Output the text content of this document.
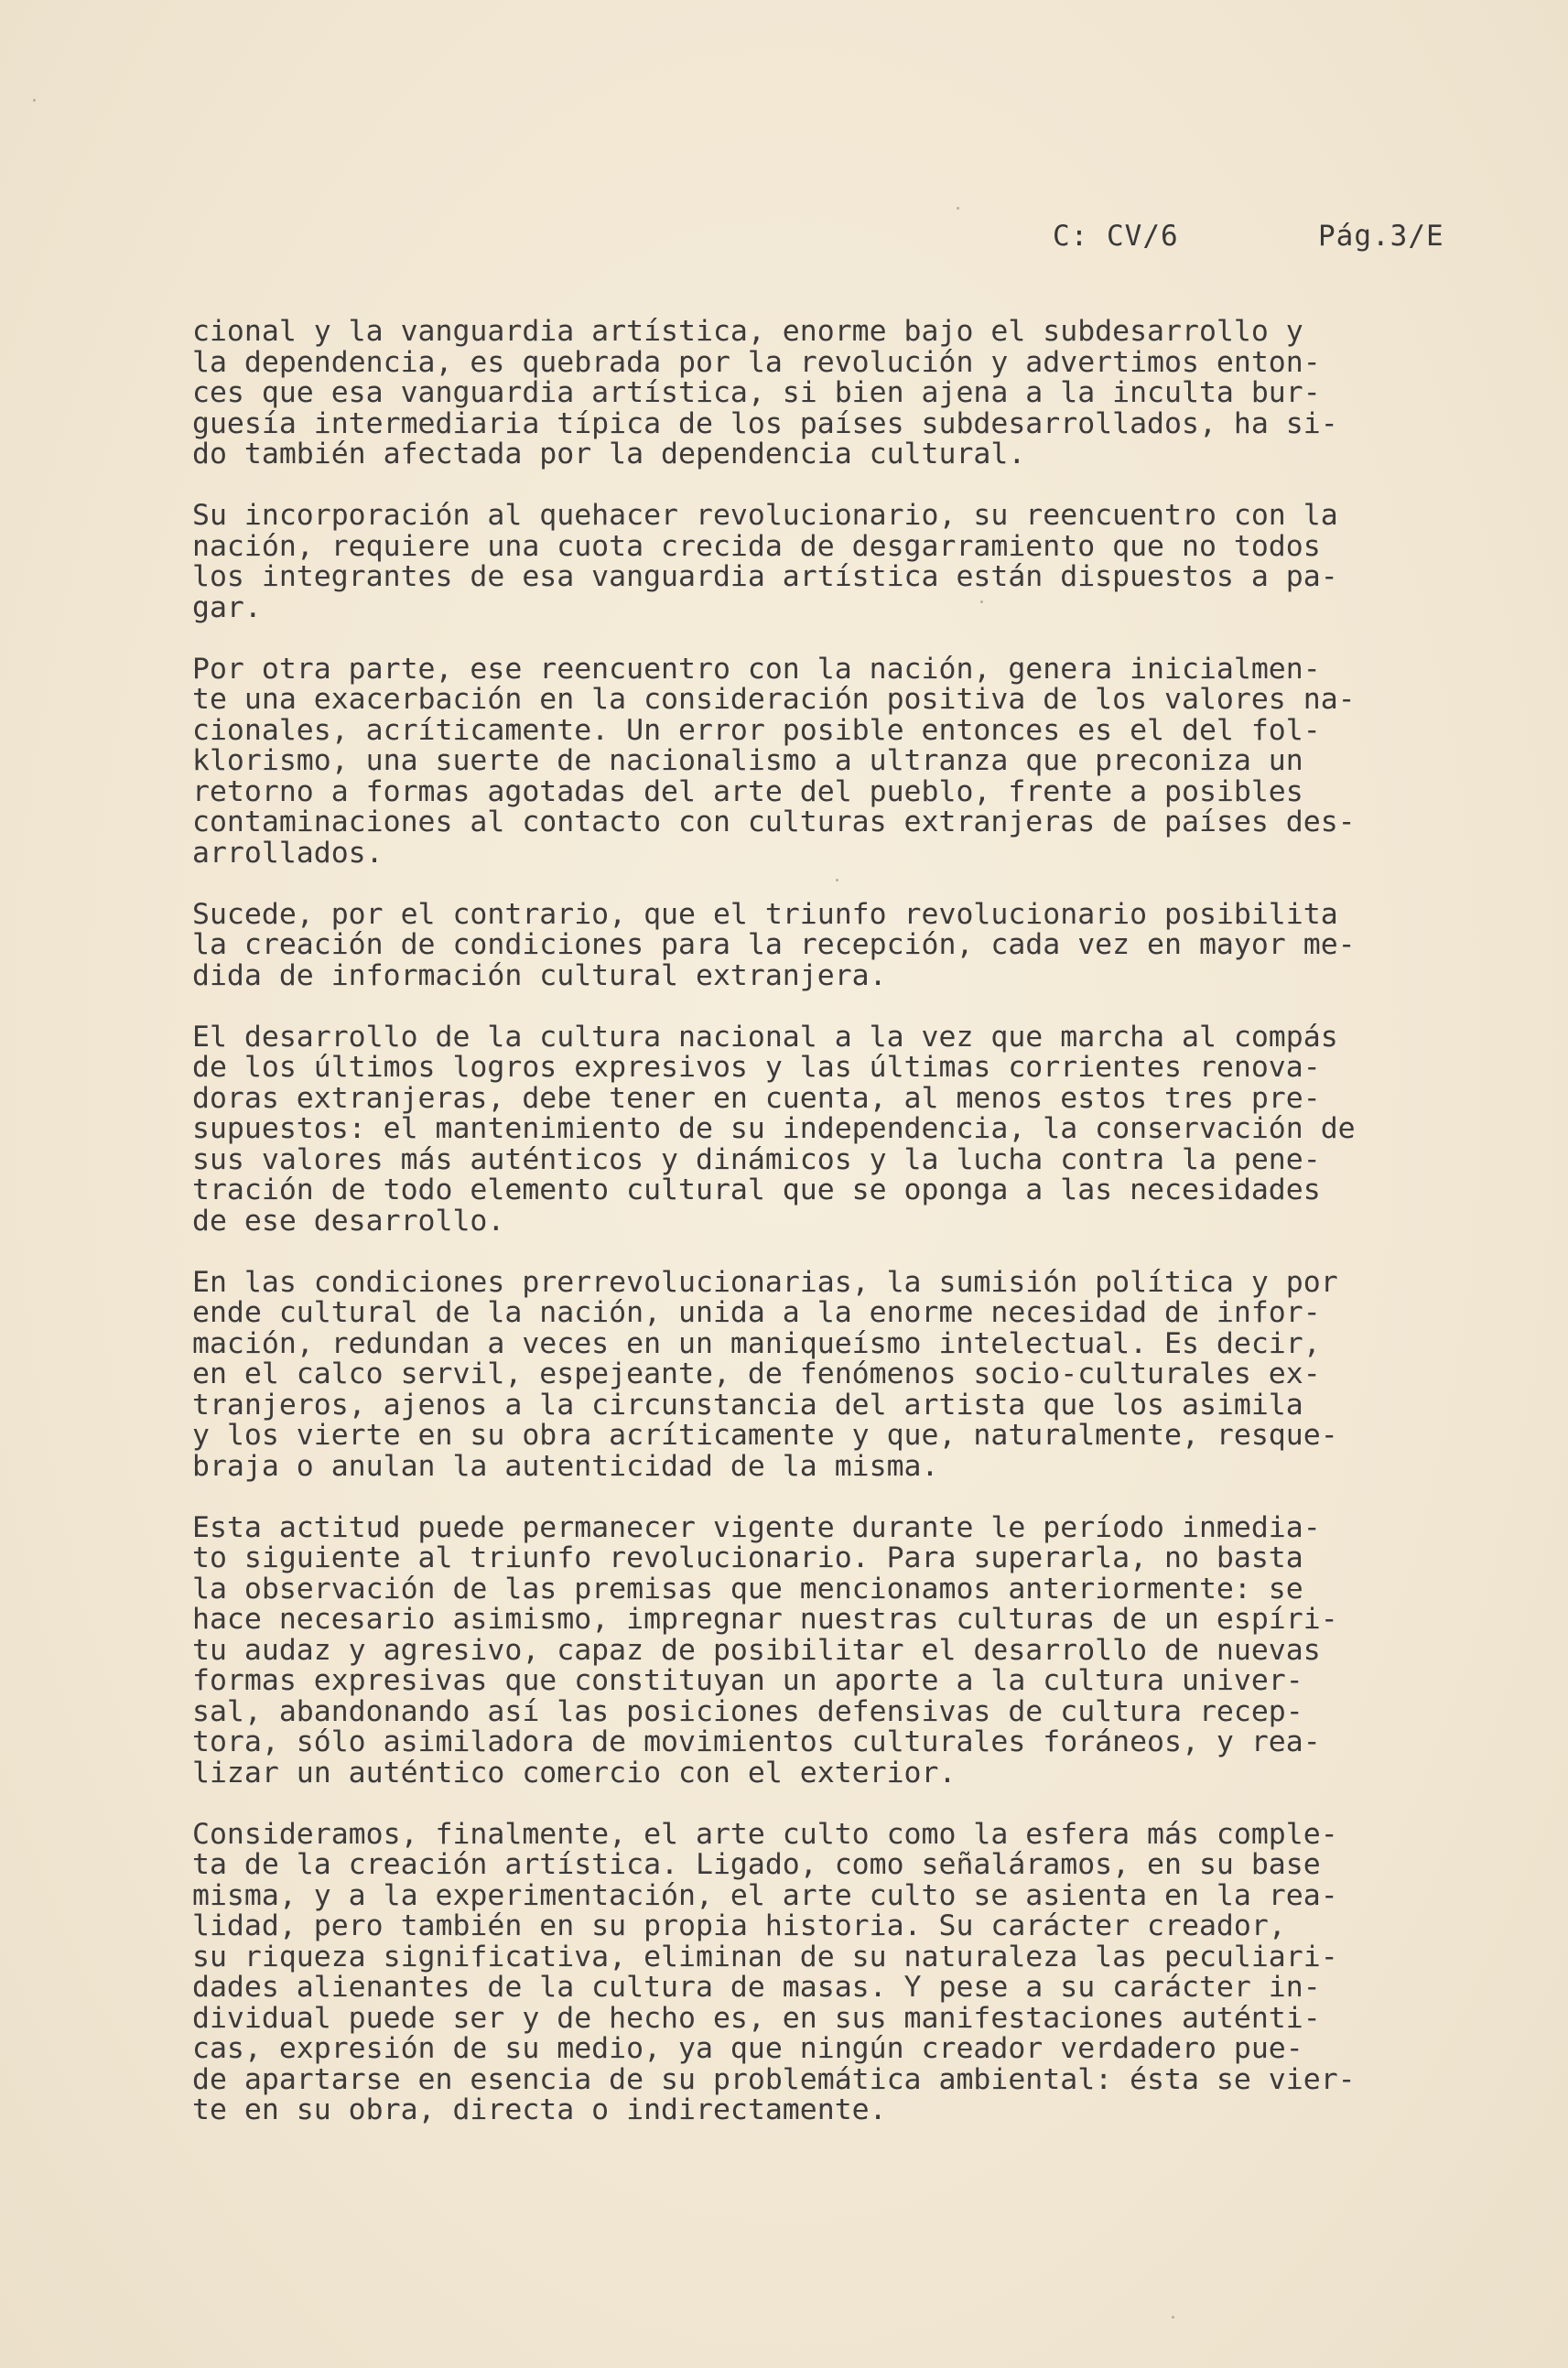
C: CV/6	Pág.3/E
cional y la vanguardia artística, enorme bajo el subdesarrollo y
la dependencia, es quebrada por la revolución y advertimos enton-
ces que esa vanguardia artística, si bien ajena a la inculta bur-
guesía intermediaria típica de los países subdesarrollados, ha si-
do también afectada por la dependencia cultural.
Su incorporación al quehacer revolucionario, su reencuentro con la
nación, requiere una cuota crecida de desgarramiento que no todos
los integrantes de esa vanguardia artística están dispuestos a pa-
gar.
Por otra parte, ese reencuentro con la nación, genera inicialmen-
te una exacerbación en la consideración positiva de los valores na-
cionales, acríticamente. Un error posible entonces es el del fol-
klorismo, una suerte de nacionalismo a ultranza que preconiza un
retorno a formas agotadas del arte del pueblo, frente a posibles
contaminaciones al contacto con culturas extranjeras de países des-
arrollados.
Sucede, por el contrario, que el triunfo revolucionario posibilita
la creación de condiciones para la recepción, cada vez en mayor me-
dida de información cultural extranjera.
El desarrollo de la cultura nacional a la vez que marcha al compás
de los últimos logros expresivos y las últimas corrientes renova-
doras extranjeras, debe tener en cuenta, al menos estos tres pre-
supuestos: el mantenimiento de su independencia, la conservación de
sus valores más auténticos y dinámicos y la lucha contra la pene-
tración de todo elemento cultural que se oponga a las necesidades
de ese desarrollo.
En las condiciones prerrevolucionarias, la sumisión política y por
ende cultural de la nación, unida a la enorme necesidad de infor-
mación, redundan a veces en un maniqueísmo intelectual. Es decir,
en el calco servil, espejeante, de fenómenos socio-culturales ex-
tranjeros, ajenos a la circunstancia del artista que los asimila
y los vierte en su obra acríticamente y que, naturalmente, resque-
braja o anulan la autenticidad de la misma.
Esta actitud puede permanecer vigente durante le período inmedia-
to siguiente al triunfo revolucionario. Para superarla, no basta
la observación de las premisas que mencionamos anteriormente: se
hace necesario asimismo, impregnar nuestras culturas de un espíri-
tu audaz y agresivo, capaz de posibilitar el desarrollo de nuevas
formas expresivas que constituyan un aporte a la cultura univer-
sal, abandonando así las posiciones defensivas de cultura recep-
tora, sólo asimiladora de movimientos culturales foráneos, y rea-
lizar un auténtico comercio con el exterior.
Consideramos, finalmente, el arte culto como la esfera más comple-
ta de la creación artística. Ligado, como señaláramos, en su base
misma, y a la experimentación, el arte culto se asienta en la rea-
lidad, pero también en su propia historia. Su carácter creador,
su riqueza significativa, eliminan de su naturaleza las peculiari-
dades alienantes de la cultura de masas. Y pese a su carácter in-
dividual puede ser y de hecho es, en sus manifestaciones auténti-
cas, expresión de su medio, ya que ningún creador verdadero pue-
de apartarse en esencia de su problemática ambiental: ésta se vier-
te en su obra, directa o indirectamente.
